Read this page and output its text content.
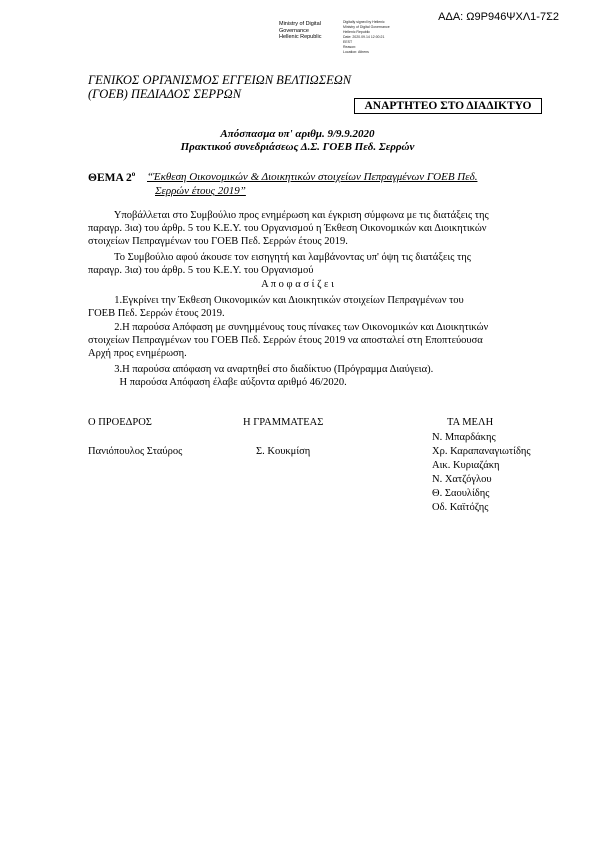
ΑΔΑ: Ω9Ρ946ΨΧΛ1-7Σ2
Ministry of Digital
Governance
Hellenic Republic
Digitally signed by Hellenic
Ministry of Digital Governance
Hellenic Republic
Date: 2020.09.14 12:00:21
EEST
Reason:
Location: Athens
ΓΕΝΙΚΟΣ ΟΡΓΑΝΙΣΜΟΣ ΕΓΓΕΙΩΝ ΒΕΛΤΙΩΣΕΩΝ
(ΓΟΕΒ) ΠΕΔΙΑΔΟΣ ΣΕΡΡΩΝ
ΑΝΑΡΤΗΤΕΟ ΣΤΟ ΔΙΑΔΙΚΤΥΟ
Απόσπασμα υπ' αριθμ. 9/9.9.2020
Πρακτικού συνεδριάσεως Δ.Σ. ΓΟΕΒ Πεδ. Σερρών
ΘΕΜΑ $2^o$ “Έκθεση Οικονομικών & Διοικητικών στοιχείων Πεπραγμένων ΓΟΕΒ Πεδ.
Σερρών έτους 2019”
Υποβάλλεται στο Συμβούλιο προς ενημέρωση και έγκριση σύμφωνα με τις διατάξεις της
παραγρ. 3ια) του άρθρ. 5 του Κ.Ε.Υ. του Οργανισμού η Έκθεση Οικονομικών και Διοικητικών
στοιχείων Πεπραγμένων του ΓΟΕΒ Πεδ. Σερρών έτους 2019.
Το Συμβούλιο αφού άκουσε τον εισηγητή και λαμβάνοντας υπ' όψη τις διατάξεις της
παραγρ. 3ια) του άρθρ. 5 του Κ.Ε.Υ. του Οργανισμού
Α π ο φ α σ ί ζ ε ι
1.Εγκρίνει την Έκθεση Οικονομικών και Διοικητικών στοιχείων Πεπραγμένων του
ΓΟΕΒ Πεδ. Σερρών έτους 2019.
2.Η παρούσα Απόφαση με συνημμένους τους πίνακες των Οικονομικών και Διοικητικών
στοιχείων Πεπραγμένων του ΓΟΕΒ Πεδ. Σερρών έτους 2019 να αποσταλεί στη Εποπτεύουσα
Αρχή προς ενημέρωση.
3.Η παρούσα απόφαση να αναρτηθεί στο διαδίκτυο (Πρόγραμμα Διαύγεια).
Η παρούσα Απόφαση έλαβε αύξοντα αριθμό 46/2020.
Ο ΠΡΟΕΔΡΟΣ	Η ΓΡΑΜΜΑΤΕΑΣ	ΤΑ ΜΕΛΗ
Πανιόπουλος Σταύρος	Σ. Κουκμίση
Ν. Μπαρδάκης
Χρ. Καραπαναγιωτίδης
Αικ. Κυριαζάκη
Ν. Χατζόγλου
Θ. Σαουλίδης
Οδ. Καϊτόζης
